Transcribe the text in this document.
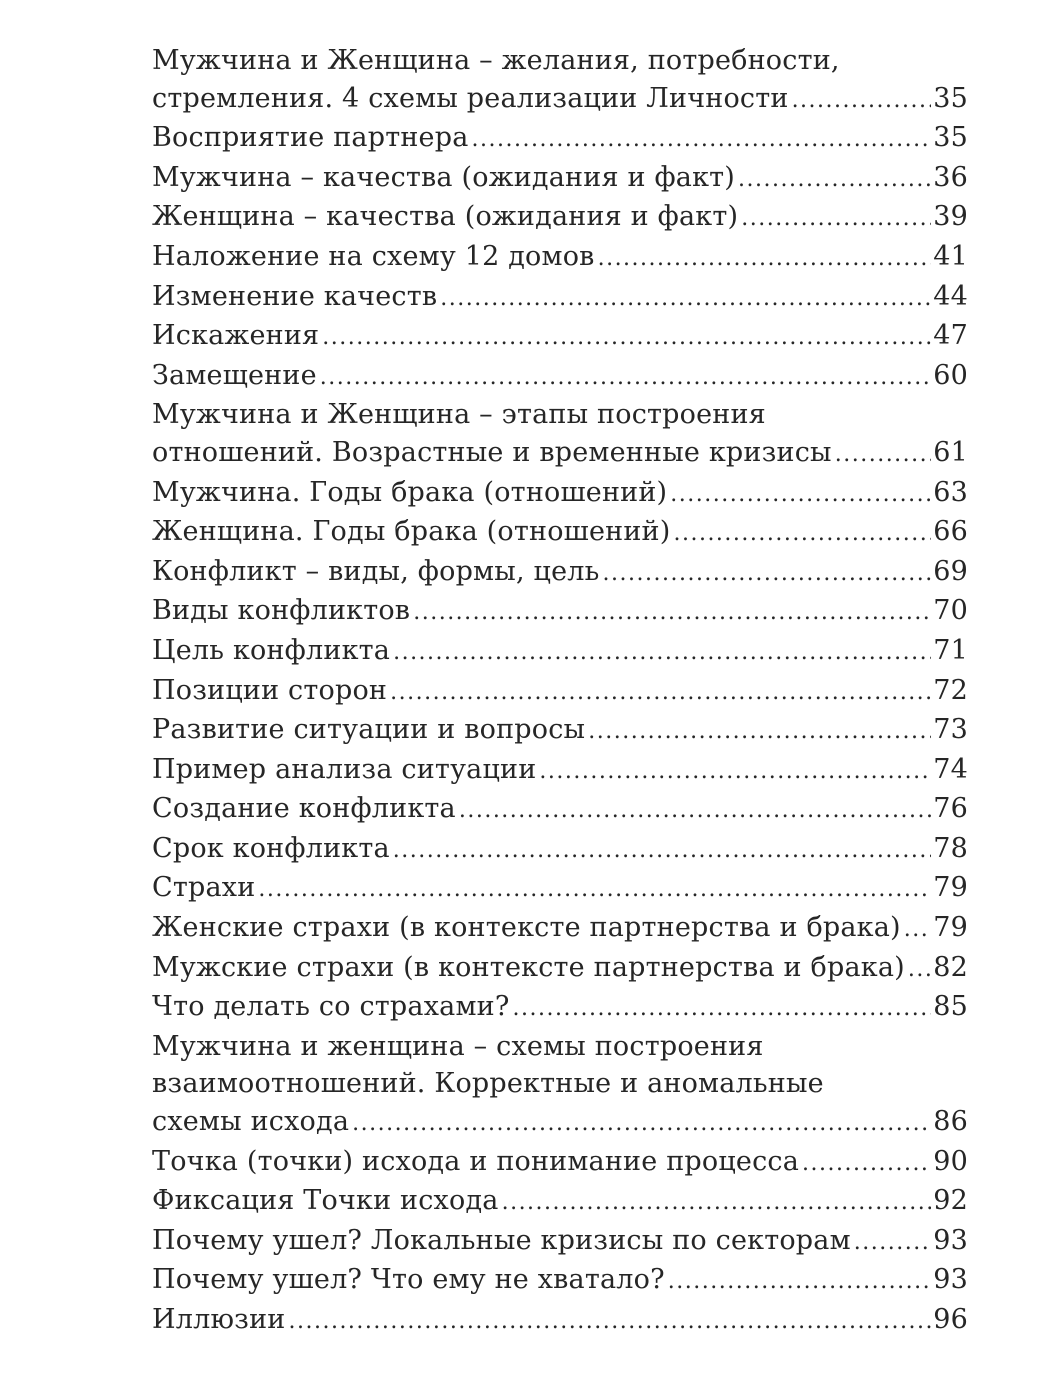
Мужчина и Женщина – желания, потребности,
стремления. 4 схемы реализации Личности .....	35
Восприятие партнера .....	35
Мужчина – качества (ожидания и факт) .....	36
Женщина – качества (ожидания и факт) .....	39
Наложение на схему 12 домов .....	41
Изменение качеств .....	44
Искажения .....	47
Замещение .....	60
Мужчина и Женщина – этапы построения
отношений. Возрастные и временные кризисы .....	61
Мужчина. Годы брака (отношений) .....	63
Женщина. Годы брака (отношений) .....	66
Конфликт – виды, формы, цель .....	69
Виды конфликтов .....	70
Цель конфликта .....	71
Позиции сторон .....	72
Развитие ситуации и вопросы .....	73
Пример анализа ситуации .....	74
Создание конфликта .....	76
Срок конфликта .....	78
Страхи .....	79
Женские страхи (в контексте партнерства и брака) ..... 79
Мужские страхи (в контексте партнерства и брака) ..... 82
Что делать со страхами? .....	85
Мужчина и женщина – схемы построения
взаимоотношений. Корректные и аномальные
схемы исхода .....	86
Точка (точки) исхода и понимание процесса .....	90
Фиксация Точки исхода .....	92
Почему ушел? Локальные кризисы по секторам .....	93
Почему ушел? Что ему не хватало? .....	93
Иллюзии .....	96
